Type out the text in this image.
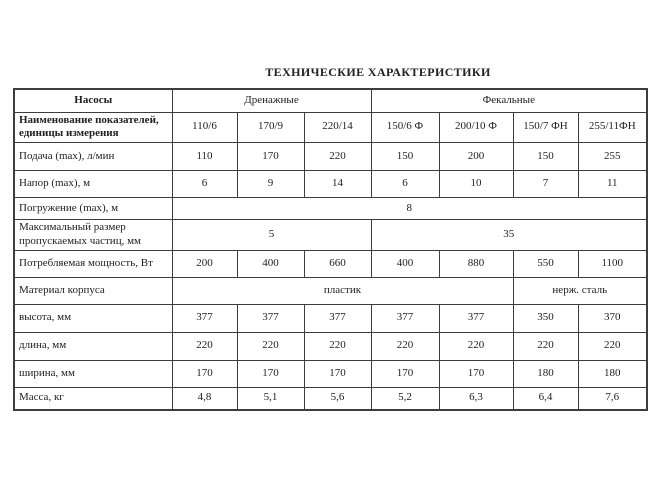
ТЕХНИЧЕСКИЕ ХАРАКТЕРИСТИКИ
Насосы	Дренажные			Фекальные			
Наименование показателей, единицы измерения	110/6	170/9	220/14	150/6 Ф	200/10 Ф	150/7 ФН	255/11ФН
Подача (max), л/мин	110	170	220	150	200	150	255
Напор (max), м	6	9	14	6	10	7	11
Погружение (max), м	8						
Максимальный размер пропускаемых частиц, мм	5			35			
Потребляемая мощность, Вт	200	400	660	400	880	550	1100
Материал корпуса	пластик					нерж. сталь	
высота, мм	377	377	377	377	377	350	370
длина, мм	220	220	220	220	220	220	220
ширина, мм	170	170	170	170	170	180	180
Масса, кг	4,8	5,1	5,6	5,2	6,3	6,4	7,6
